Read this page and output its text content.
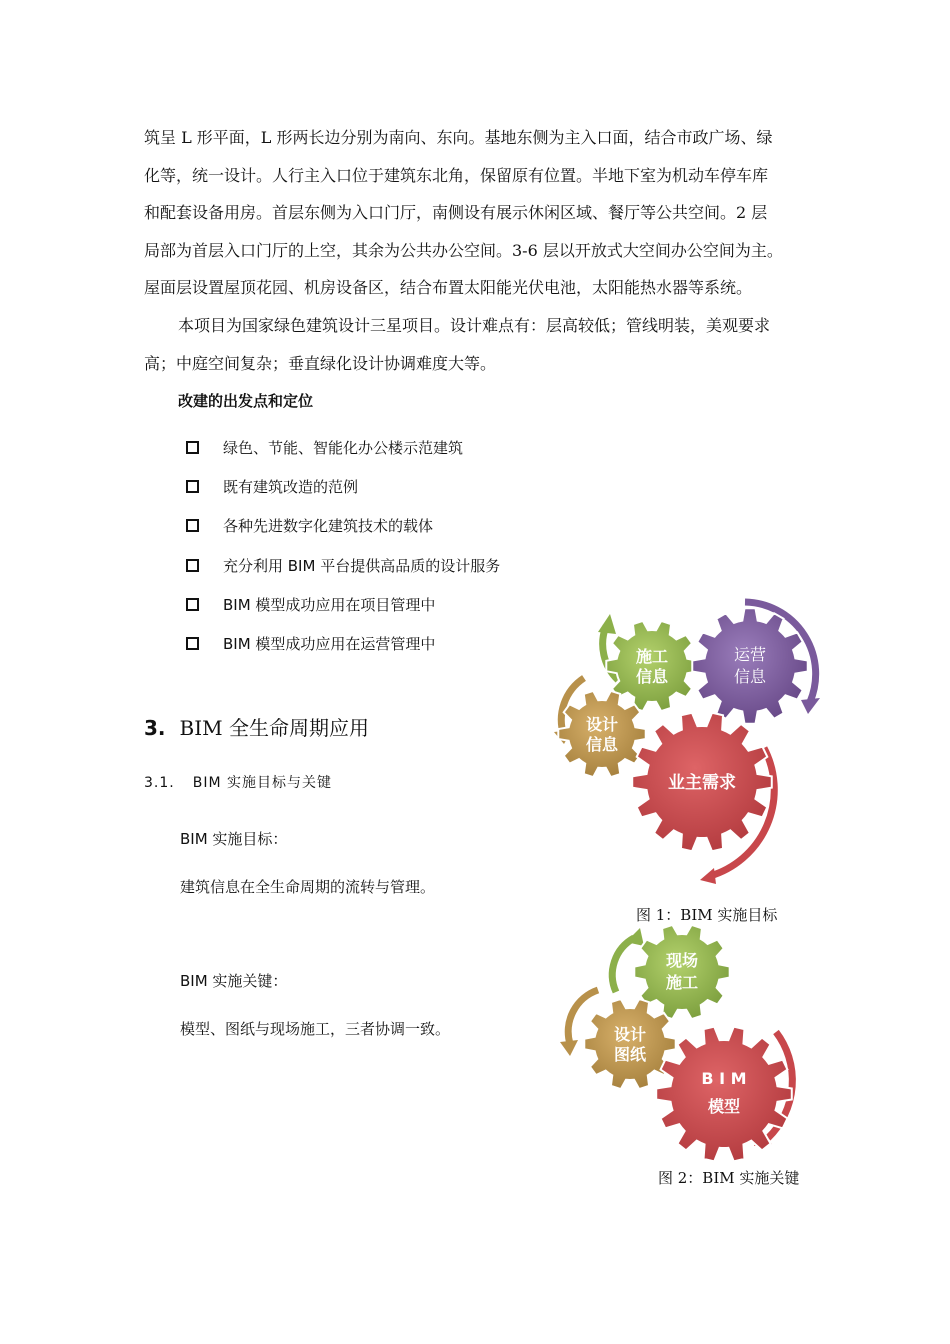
筑呈 L 形平面，L 形两长边分别为南向、东向。基地东侧为主入口面，结合市政广场、绿
化等，统一设计。人行主入口位于建筑东北角，保留原有位置。半地下室为机动车停车库
和配套设备用房。首层东侧为入口门厅，南侧设有展示休闲区域、餐厅等公共空间。2 层
局部为首层入口门厅的上空，其余为公共办公空间。3-6 层以开放式大空间办公空间为主。
屋面层设置屋顶花园、机房设备区，结合布置太阳能光伏电池，太阳能热水器等系统。
本项目为国家绿色建筑设计三星项目。设计难点有：层高较低；管线明装，美观要求
高；中庭空间复杂；垂直绿化设计协调难度大等。
改建的出发点和定位
绿色、节能、智能化办公楼示范建筑
既有建筑改造的范例
各种先进数字化建筑技术的载体
充分利用 BIM 平台提供高品质的设计服务
BIM 模型成功应用在项目管理中
BIM 模型成功应用在运营管理中
3. BIM 全生命周期应用
3.1. BIM 实施目标与关键
BIM 实施目标：
建筑信息在全生命周期的流转与管理。
BIM 实施关键：
模型、图纸与现场施工，三者协调一致。
施工
信息
运营
信息
设计
信息
业主需求
图 1：BIM 实施目标
现场
施工
设计
图纸
B I M
模型
图 2：BIM 实施关键
